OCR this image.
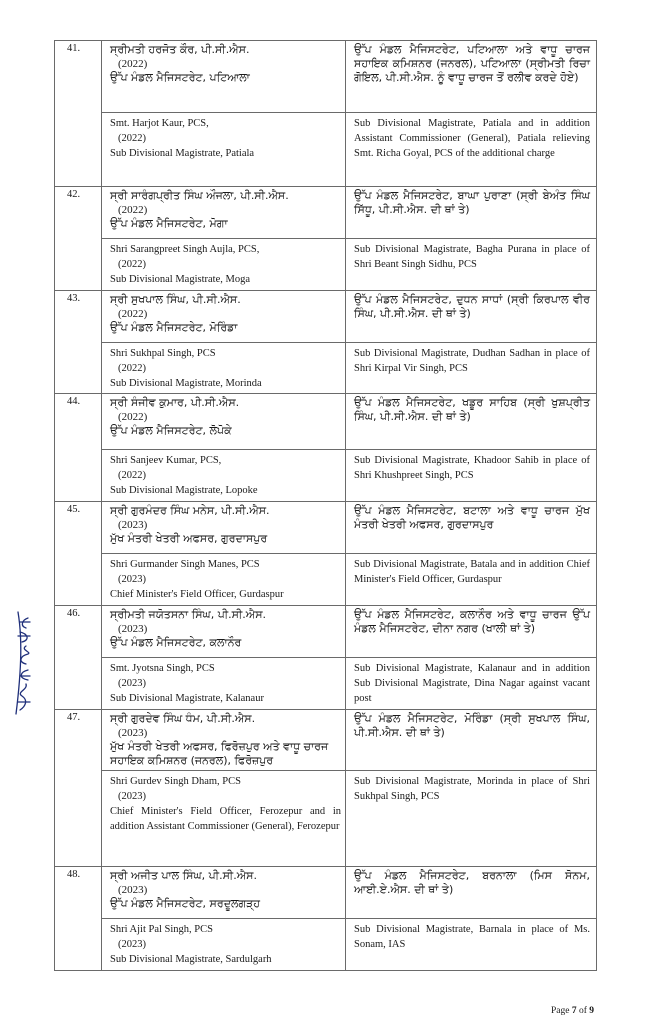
41.	ਸ੍ਰੀਮਤੀ ਹਰਜੋਤ ਕੌਰ, ਪੀ.ਸੀ.ਐਸ.
(2022)
ਉੱਪ ਮੰਡਲ ਮੈਜਿਸਟਰੇਟ, ਪਟਿਆਲਾ	ਉੱਪ ਮੰਡਲ ਮੈਜਿਸਟਰੇਟ, ਪਟਿਆਲਾ ਅਤੇ ਵਾਧੂ ਚਾਰਜ ਸਹਾਇਕ ਕਮਿਸ਼ਨਰ (ਜਨਰਲ), ਪਟਿਆਲਾ (ਸ੍ਰੀਮਤੀ ਰਿਚਾ ਗੋਇਲ, ਪੀ.ਸੀ.ਐਸ. ਨੂੰ ਵਾਧੂ ਚਾਰਜ ਤੋਂ ਰਲੀਵ ਕਰਦੇ ਹੋਏ)

	Smt. Harjot Kaur, PCS,
(2022)
Sub Divisional Magistrate, Patiala	Sub Divisional Magistrate, Patiala and in addition Assistant Commissioner (General), Patiala relieving Smt. Richa Goyal, PCS of the additional charge

42.	ਸ੍ਰੀ ਸਾਰੰਗਪ੍ਰੀਤ ਸਿੰਘ ਔਜਲਾ, ਪੀ.ਸੀ.ਐਸ.
(2022)
ਉੱਪ ਮੰਡਲ ਮੈਜਿਸਟਰੇਟ, ਮੋਗਾ	ਉੱਪ ਮੰਡਲ ਮੈਜਿਸਟਰੇਟ, ਬਾਘਾ ਪੁਰਾਣਾ (ਸ੍ਰੀ ਬੇਅੰਤ ਸਿੰਘ ਸਿੱਧੂ, ਪੀ.ਸੀ.ਐਸ. ਦੀ ਥਾਂ ਤੇ)

	Shri Sarangpreet Singh Aujla, PCS,
(2022)
Sub Divisional Magistrate, Moga	Sub Divisional Magistrate, Bagha Purana in place of Shri Beant Singh Sidhu, PCS

43.	ਸ੍ਰੀ ਸੁਖਪਾਲ ਸਿੰਘ, ਪੀ.ਸੀ.ਐਸ.
(2022)
ਉੱਪ ਮੰਡਲ ਮੈਜਿਸਟਰੇਟ, ਮੋਰਿੰਡਾ	ਉੱਪ ਮੰਡਲ ਮੈਜਿਸਟਰੇਟ, ਦੁਧਨ ਸਾਧਾਂ (ਸ੍ਰੀ ਕਿਰਪਾਲ ਵੀਰ ਸਿੰਘ, ਪੀ.ਸੀ.ਐਸ. ਦੀ ਥਾਂ ਤੇ)

	Shri Sukhpal Singh, PCS
(2022)
Sub Divisional Magistrate, Morinda	Sub Divisional Magistrate, Dudhan Sadhan in place of Shri Kirpal Vir Singh, PCS

44.	ਸ੍ਰੀ ਸੰਜੀਵ ਕੁਮਾਰ, ਪੀ.ਸੀ.ਐਸ.
(2022)
ਉੱਪ ਮੰਡਲ ਮੈਜਿਸਟਰੇਟ, ਲੋਪੋਕੇ	ਉੱਪ ਮੰਡਲ ਮੈਜਿਸਟਰੇਟ, ਖਡੂਰ ਸਾਹਿਬ (ਸ੍ਰੀ ਖੁਸ਼ਪ੍ਰੀਤ ਸਿੰਘ, ਪੀ.ਸੀ.ਐਸ. ਦੀ ਥਾਂ ਤੇ)

	Shri Sanjeev Kumar, PCS,
(2022)
Sub Divisional Magistrate, Lopoke	Sub Divisional Magistrate, Khadoor Sahib in place of Shri Khushpreet Singh, PCS

45.	ਸ੍ਰੀ ਗੁਰਮੰਦਰ ਸਿੰਘ ਮਨੇਸ, ਪੀ.ਸੀ.ਐਸ.
(2023)
ਮੁੱਖ ਮੰਤਰੀ ਖੇਤਰੀ ਅਫਸਰ, ਗੁਰਦਾਸਪੁਰ	ਉੱਪ ਮੰਡਲ ਮੈਜਿਸਟਰੇਟ, ਬਟਾਲਾ ਅਤੇ ਵਾਧੂ ਚਾਰਜ ਮੁੱਖ ਮੰਤਰੀ ਖੇਤਰੀ ਅਫਸਰ, ਗੁਰਦਾਸਪੁਰ

	Shri Gurmander Singh Manes, PCS
(2023)
Chief Minister's Field Officer, Gurdaspur	Sub Divisional Magistrate, Batala and in addition Chief Minister's Field Officer, Gurdaspur

46.	ਸ੍ਰੀਮਤੀ ਜਯੋਤਸਨਾ ਸਿੰਘ, ਪੀ.ਸੀ.ਐਸ.
(2023)
ਉੱਪ ਮੰਡਲ ਮੈਜਿਸਟਰੇਟ, ਕਲਾਨੌਰ	ਉੱਪ ਮੰਡਲ ਮੈਜਿਸਟਰੇਟ, ਕਲਾਨੌਰ ਅਤੇ ਵਾਧੂ ਚਾਰਜ ਉੱਪ ਮੰਡਲ ਮੈਜਿਸਟਰੇਟ, ਦੀਨਾ ਨਗਰ (ਖਾਲੀ ਥਾਂ ਤੇ)

	Smt. Jyotsna Singh, PCS
(2023)
Sub Divisional Magistrate, Kalanaur	Sub Divisional Magistrate, Kalanaur and in addition Sub Divisional Magistrate, Dina Nagar against vacant post

47.	ਸ੍ਰੀ ਗੁਰਦੇਵ ਸਿੰਘ ਧੰਮ, ਪੀ.ਸੀ.ਐਸ.
(2023)
ਮੁੱਖ ਮੰਤਰੀ ਖੇਤਰੀ ਅਫਸਰ, ਫਿਰੋਜ਼ਪੁਰ ਅਤੇ ਵਾਧੂ ਚਾਰਜ ਸਹਾਇਕ ਕਮਿਸ਼ਨਰ (ਜਨਰਲ), ਫਿਰੋਜ਼ਪੁਰ	ਉੱਪ ਮੰਡਲ ਮੈਜਿਸਟਰੇਟ, ਮੋਰਿੰਡਾ (ਸ੍ਰੀ ਸੁਖਪਾਲ ਸਿੰਘ, ਪੀ.ਸੀ.ਐਸ. ਦੀ ਥਾਂ ਤੇ)

	Shri Gurdev Singh Dham, PCS
(2023)
Chief Minister's Field Officer, Ferozepur and in addition Assistant Commissioner (General), Ferozepur	Sub Divisional Magistrate, Morinda in place of Shri Sukhpal Singh, PCS

48.	ਸ੍ਰੀ ਅਜੀਤ ਪਾਲ ਸਿੰਘ, ਪੀ.ਸੀ.ਐਸ.
(2023)
ਉੱਪ ਮੰਡਲ ਮੈਜਿਸਟਰੇਟ, ਸਰਦੂਲਗੜ੍ਹ	ਉੱਪ ਮੰਡਲ ਮੈਜਿਸਟਰੇਟ, ਬਰਨਾਲਾ (ਮਿਸ ਸੋਨਮ, ਆਈ.ਏ.ਐਸ. ਦੀ ਥਾਂ ਤੇ)

	Shri Ajit Pal Singh, PCS
(2023)
Sub Divisional Magistrate, Sardulgarh	Sub Divisional Magistrate, Barnala in place of Ms. Sonam, IAS
Page 7 of 9
